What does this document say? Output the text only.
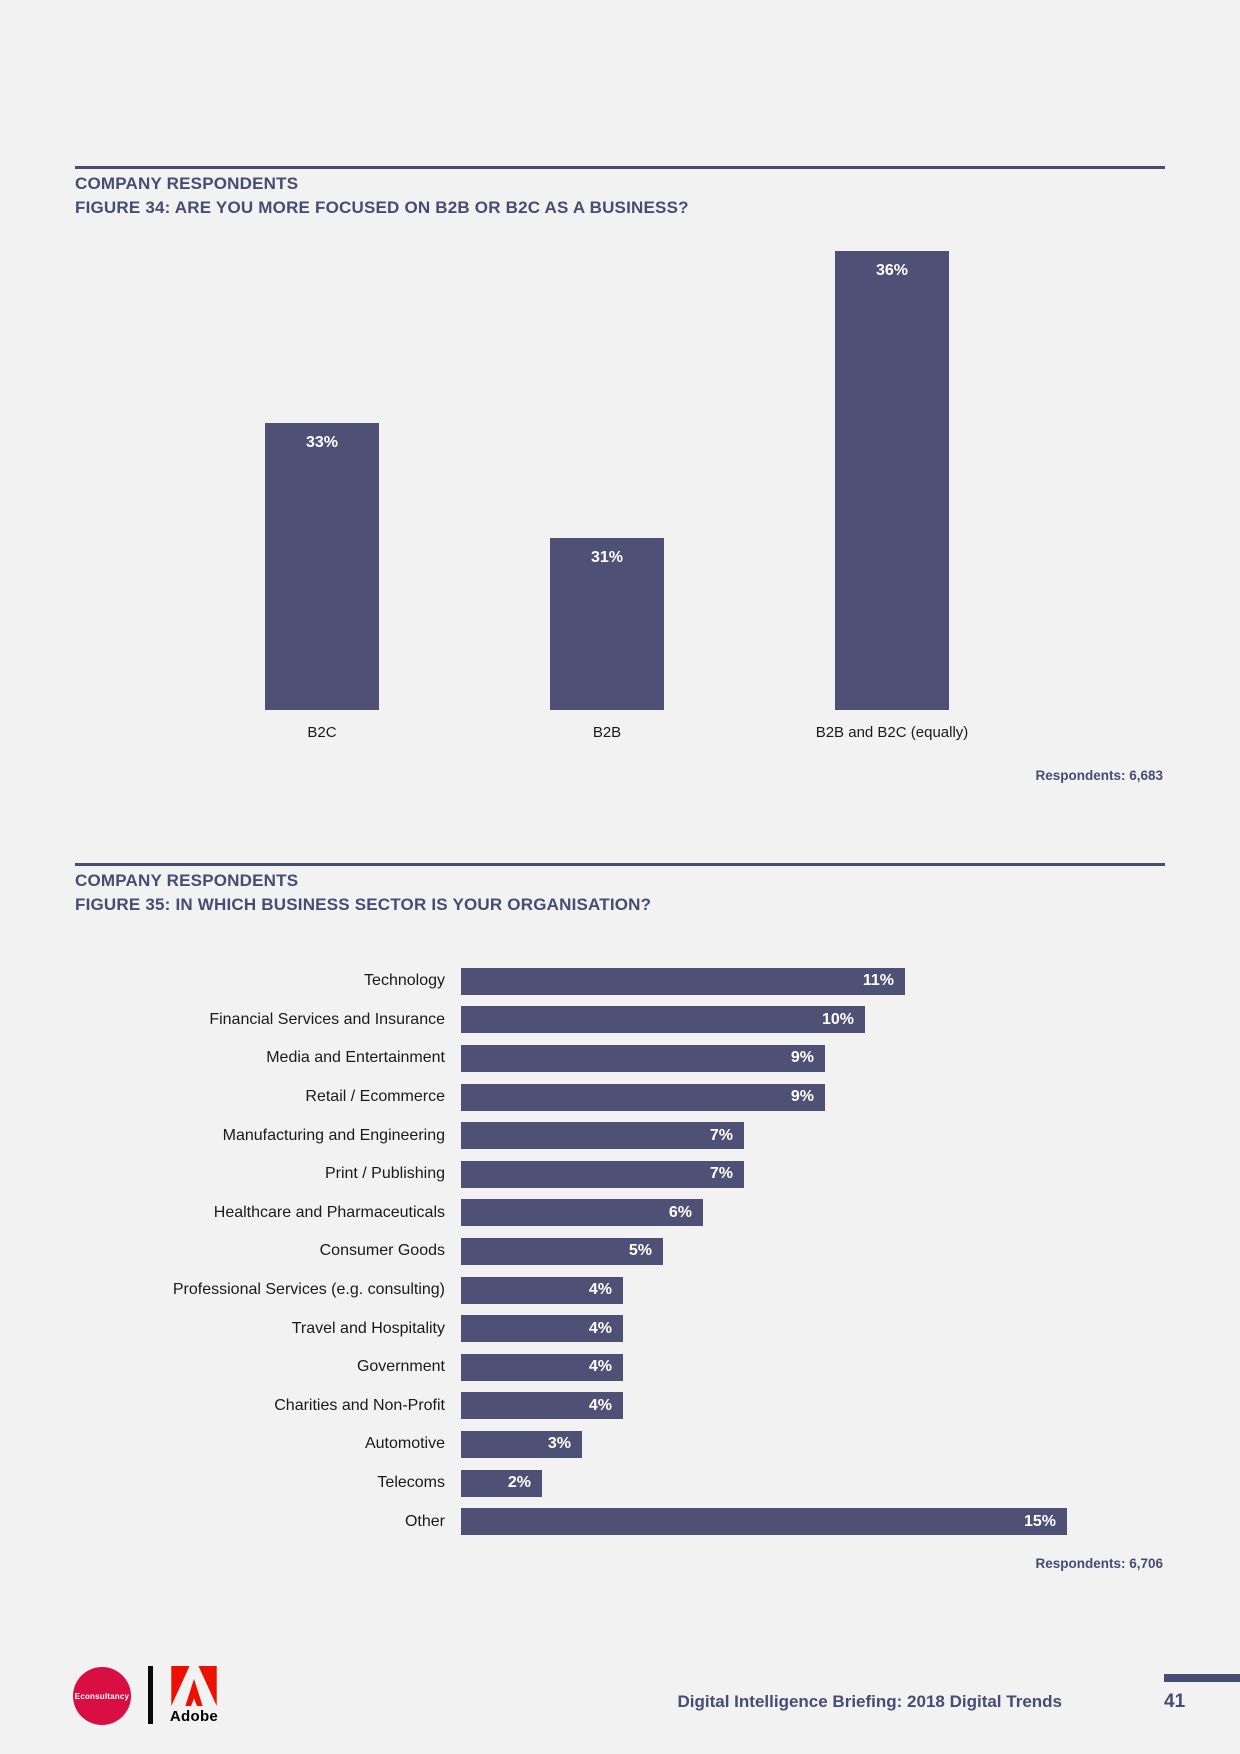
COMPANY RESPONDENTS
FIGURE 34: ARE YOU MORE FOCUSED ON B2B OR B2C AS A BUSINESS?
33%
B2C
31%
B2B
36%
B2B and B2C (equally)
Respondents: 6,683
COMPANY RESPONDENTS
FIGURE 35: IN WHICH BUSINESS SECTOR IS YOUR ORGANISATION?
Technology	11%
Financial Services and Insurance	10%
Media and Entertainment	9%
Retail / Ecommerce	9%
Manufacturing and Engineering	7%
Print / Publishing	7%
Healthcare and Pharmaceuticals	6%
Consumer Goods	5%
Professional Services (e.g. consulting)	4%
Travel and Hospitality	4%
Government	4%
Charities and Non-Profit	4%
Automotive	3%
Telecoms	2%
Other	15%
Respondents: 6,706
Econsultancy
Adobe
Digital Intelligence Briefing: 2018 Digital Trends	41
